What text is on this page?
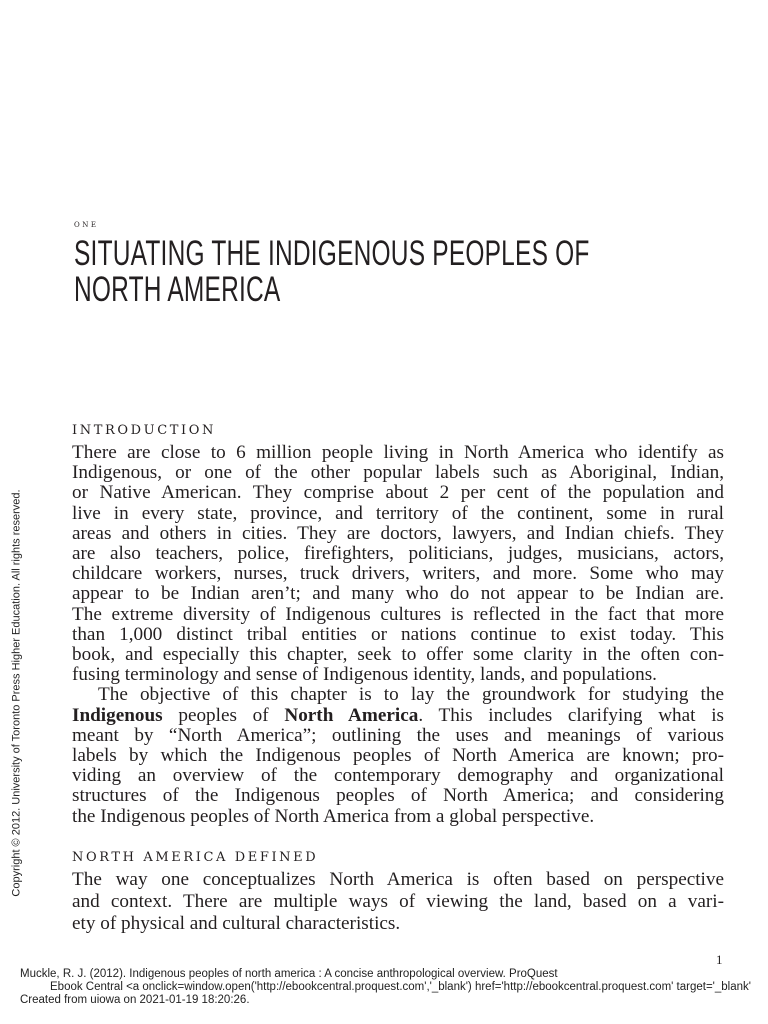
one
SITUATING THE INDIGENOUS PEOPLES OF
NORTH AMERICA
INTRODUCTION
There are close to 6 million people living in North America who identify as
Indigenous, or one of the other popular labels such as Aboriginal, Indian,
or Native American. They comprise about 2 per cent of the population and
live in every state, province, and territory of the continent, some in rural
areas and others in cities. They are doctors, lawyers, and Indian chiefs. They
are also teachers, police, firefighters, politicians, judges, musicians, actors,
childcare workers, nurses, truck drivers, writers, and more. Some who may
appear to be Indian aren’t; and many who do not appear to be Indian are.
The extreme diversity of Indigenous cultures is reflected in the fact that more
than 1,000 distinct tribal entities or nations continue to exist today. This
book, and especially this chapter, seek to offer some clarity in the often con-
fusing terminology and sense of Indigenous identity, lands, and populations.
The objective of this chapter is to lay the groundwork for studying the
Indigenous peoples of North America. This includes clarifying what is
meant by “North America”; outlining the uses and meanings of various
labels by which the Indigenous peoples of North America are known; pro-
viding an overview of the contemporary demography and organizational
structures of the Indigenous peoples of North America; and considering
the Indigenous peoples of North America from a global perspective.
NORTH AMERICA DEFINED
The way one conceptualizes North America is often based on perspective
and context. There are multiple ways of viewing the land, based on a vari-
ety of physical and cultural characteristics.
Copyright © 2012. University of Toronto Press Higher Education. All rights reserved.
1
Muckle, R. J. (2012). Indigenous peoples of north america : A concise anthropological overview. ProQuest
Ebook Central <a onclick=window.open('http://ebookcentral.proquest.com','_blank') href='http://ebookcentral.proquest.com' target='_blank'
Created from uiowa on 2021-01-19 18:20:26.
